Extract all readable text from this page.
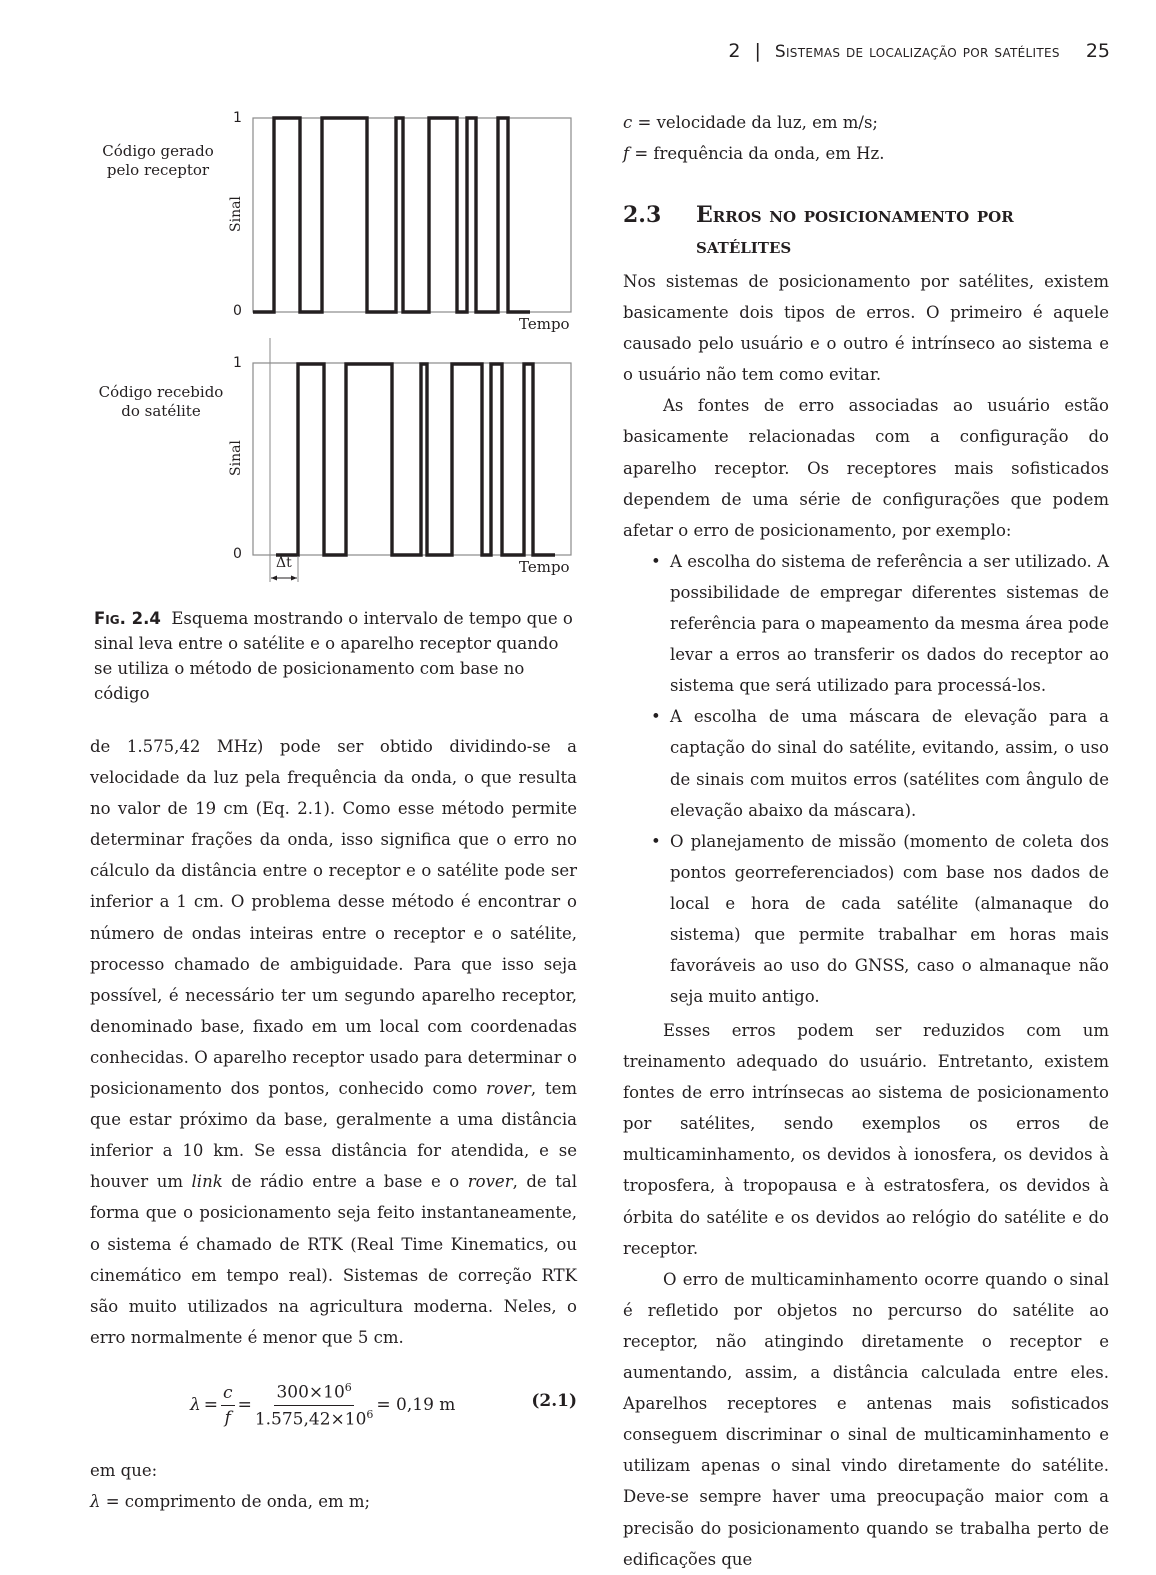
2 | Sistemas de localização por satélites 25
Código gerado
pelo receptor
Sinal
1
0
Tempo
Código recebido
do satélite
Sinal
1
0
Tempo
Δt
Fig. 2.4 Esquema mostrando o intervalo de tempo que o sinal leva entre o satélite e o aparelho receptor quando se utiliza o método de posicionamento com base no código

de 1.575,42 MHz) pode ser obtido dividindo-se a velocidade da luz pela frequência da onda, o que resulta no valor de 19 cm (Eq. 2.1). Como esse método permite determinar frações da onda, isso significa que o erro no cálculo da distância entre o receptor e o satélite pode ser inferior a 1 cm. O problema desse método é encontrar o número de ondas inteiras entre o receptor e o satélite, processo chamado de ambiguidade. Para que isso seja possível, é necessário ter um segundo aparelho receptor, denominado base, fixado em um local com coordenadas conhecidas. O aparelho receptor usado para determinar o posicionamento dos pontos, conhecido como rover, tem que estar próximo da base, geralmente a uma distância inferior a 10 km. Se essa distância for atendida, e se houver um link de rádio entre a base e o rover, de tal forma que o posicionamento seja feito instantaneamente, o sistema é chamado de RTK (Real Time Kinematics, ou cinemático em tempo real). Sistemas de correção RTK são muito utilizados na agricultura moderna. Neles, o erro normalmente é menor que 5 cm.

$\lambda = \frac{c}{f} = \frac{300\times 10^6}{1.575,42\times 10^6} = 0,19$ m	(2.1)

em que:

λ = comprimento de onda, em m;

c = velocidade da luz, em m/s;

f = frequência da onda, em Hz.

2.3 Erros no posicionamento por satélites

Nos sistemas de posicionamento por satélites, existem basicamente dois tipos de erros. O primeiro é aquele causado pelo usuário e o outro é intrínseco ao sistema e o usuário não tem como evitar.

As fontes de erro associadas ao usuário estão basicamente relacionadas com a configuração do aparelho receptor. Os receptores mais sofisticados dependem de uma série de configurações que podem afetar o erro de posicionamento, por exemplo:

• A escolha do sistema de referência a ser utilizado. A possibilidade de empregar diferentes sistemas de referência para o mapeamento da mesma área pode levar a erros ao transferir os dados do receptor ao sistema que será utilizado para processá-los.
• A escolha de uma máscara de elevação para a captação do sinal do satélite, evitando, assim, o uso de sinais com muitos erros (satélites com ângulo de elevação abaixo da máscara).
• O planejamento de missão (momento de coleta dos pontos georreferenciados) com base nos dados de local e hora de cada satélite (almanaque do sistema) que permite trabalhar em horas mais favoráveis ao uso do GNSS, caso o almanaque não seja muito antigo.

Esses erros podem ser reduzidos com um treinamento adequado do usuário. Entretanto, existem fontes de erro intrínsecas ao sistema de posicionamento por satélites, sendo exemplos os erros de multicaminhamento, os devidos à ionosfera, os devidos à troposfera, à tropopausa e à estratosfera, os devidos à órbita do satélite e os devidos ao relógio do satélite e do receptor.

O erro de multicaminhamento ocorre quando o sinal é refletido por objetos no percurso do satélite ao receptor, não atingindo diretamente o receptor e aumentando, assim, a distância calculada entre eles. Aparelhos receptores e antenas mais sofisticados conseguem discriminar o sinal de multicaminhamento e utilizam apenas o sinal vindo diretamente do satélite. Deve-se sempre haver uma preocupação maior com a precisão do posicionamento quando se trabalha perto de edificações que
